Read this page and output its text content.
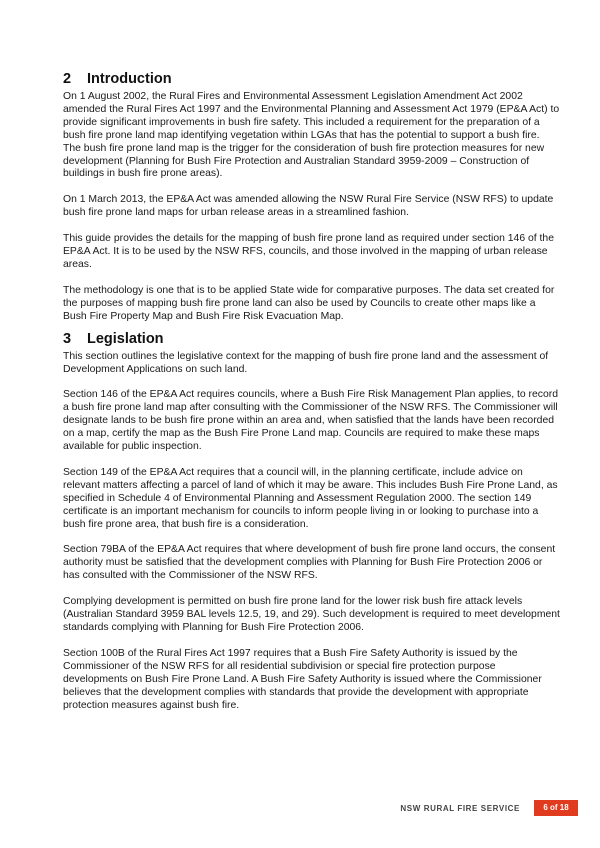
2 Introduction

On 1 August 2002, the Rural Fires and Environmental Assessment Legislation Amendment Act 2002 amended the Rural Fires Act 1997 and the Environmental Planning and Assessment Act 1979 (EP&A Act) to provide significant improvements in bush fire safety. This included a requirement for the preparation of a bush fire prone land map identifying vegetation within LGAs that has the potential to support a bush fire. The bush fire prone land map is the trigger for the consideration of bush fire protection measures for new development (Planning for Bush Fire Protection and Australian Standard 3959-2009 – Construction of buildings in bush fire prone areas).

On 1 March 2013, the EP&A Act was amended allowing the NSW Rural Fire Service (NSW RFS) to update bush fire prone land maps for urban release areas in a streamlined fashion.

This guide provides the details for the mapping of bush fire prone land as required under section 146 of the EP&A Act. It is to be used by the NSW RFS, councils, and those involved in the mapping of urban release areas.

The methodology is one that is to be applied State wide for comparative purposes. The data set created for the purposes of mapping bush fire prone land can also be used by Councils to create other maps like a Bush Fire Property Map and Bush Fire Risk Evacuation Map.

3 Legislation

This section outlines the legislative context for the mapping of bush fire prone land and the assessment of Development Applications on such land.

Section 146 of the EP&A Act requires councils, where a Bush Fire Risk Management Plan applies, to record a bush fire prone land map after consulting with the Commissioner of the NSW RFS. The Commissioner will designate lands to be bush fire prone within an area and, when satisfied that the lands have been recorded on a map, certify the map as the Bush Fire Prone Land map. Councils are required to make these maps available for public inspection.

Section 149 of the EP&A Act requires that a council will, in the planning certificate, include advice on relevant matters affecting a parcel of land of which it may be aware. This includes Bush Fire Prone Land, as specified in Schedule 4 of Environmental Planning and Assessment Regulation 2000. The section 149 certificate is an important mechanism for councils to inform people living in or looking to purchase into a bush fire prone area, that bush fire is a consideration.

Section 79BA of the EP&A Act requires that where development of bush fire prone land occurs, the consent authority must be satisfied that the development complies with Planning for Bush Fire Protection 2006 or has consulted with the Commissioner of the NSW RFS.

Complying development is permitted on bush fire prone land for the lower risk bush fire attack levels (Australian Standard 3959 BAL levels 12.5, 19, and 29). Such development is required to meet development standards complying with Planning for Bush Fire Protection 2006.

Section 100B of the Rural Fires Act 1997 requires that a Bush Fire Safety Authority is issued by the Commissioner of the NSW RFS for all residential subdivision or special fire protection purpose developments on Bush Fire Prone Land. A Bush Fire Safety Authority is issued where the Commissioner believes that the development complies with standards that provide the development with appropriate protection measures against bush fire.

NSW RURAL FIRE SERVICE	6 of 18
